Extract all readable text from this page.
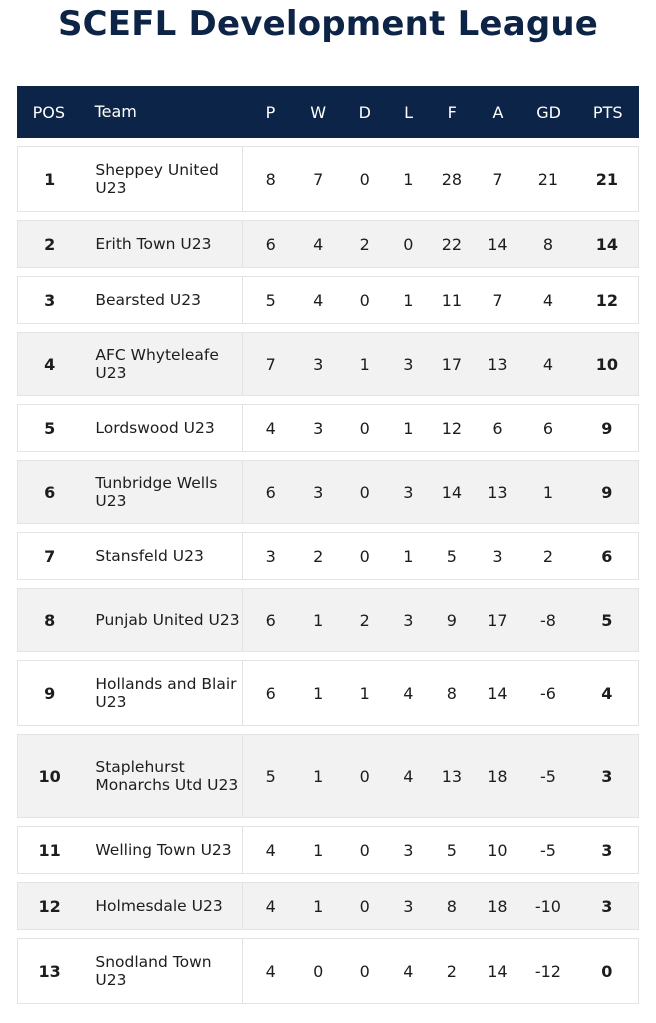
SCEFL Development League
POS	Team	P	W	D	L	F	A	GD	PTS
1	Sheppey United U23	8	7	0	1	28	7	21	21
2	Erith Town U23	6	4	2	0	22	14	8	14
3	Bearsted U23	5	4	0	1	11	7	4	12
4	AFC Whyteleafe U23	7	3	1	3	17	13	4	10
5	Lordswood U23	4	3	0	1	12	6	6	9
6	Tunbridge Wells U23	6	3	0	3	14	13	1	9
7	Stansfeld U23	3	2	0	1	5	3	2	6
8	Punjab United U23	6	1	2	3	9	17	-8	5
9	Hollands and Blair U23	6	1	1	4	8	14	-6	4
10	Staplehurst Monarchs Utd U23	5	1	0	4	13	18	-5	3
11	Welling Town U23	4	1	0	3	5	10	-5	3
12	Holmesdale U23	4	1	0	3	8	18	-10	3
13	Snodland Town U23	4	0	0	4	2	14	-12	0
